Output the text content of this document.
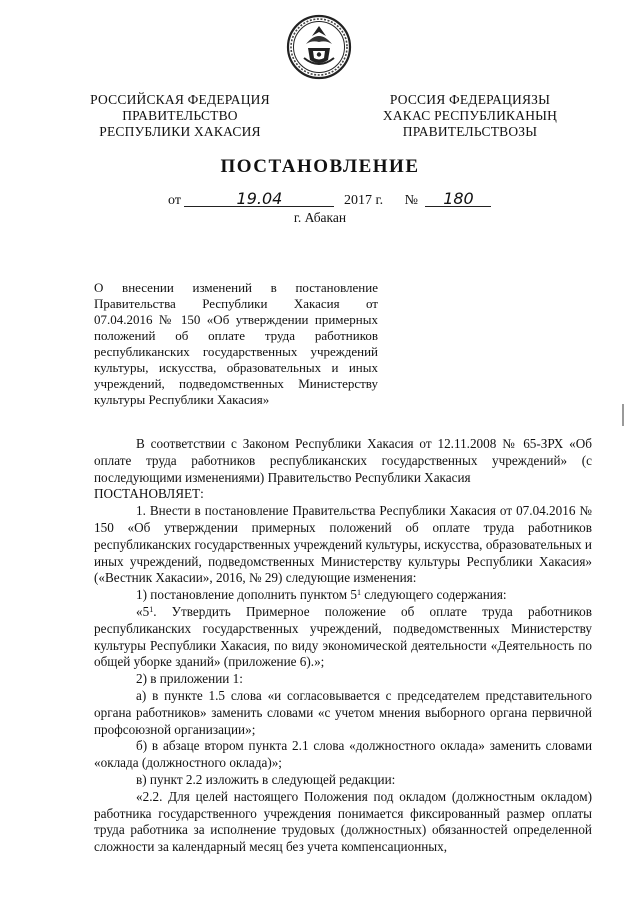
РОССИЙСКАЯ ФЕДЕРАЦИЯ
ПРАВИТЕЛЬСТВО
РЕСПУБЛИКИ ХАКАСИЯ
РОССИЯ ФЕДЕРАЦИЯЗЫ
ХАКАС РЕСПУБЛИКАНЫҢ
ПРАВИТЕЛЬСТВОЗЫ
ПОСТАНОВЛЕНИЕ
от	19.04	2017 г. № 180
г. Абакан
О внесении изменений в постановление
Правительства Республики Хакасия от
07.04.2016 № 150 «Об утверждении примерных
положений об оплате труда работников
республиканских государственных учреждений
культуры, искусства, образовательных и иных
учреждений, подведомственных Министерству
культуры Республики Хакасия»

В соответствии с Законом Республики Хакасия от 12.11.2008 № 65-ЗРХ «Об оплате труда работников республиканских государственных учреждений» (с последующими изменениями) Правительство Республики Хакасия

ПОСТАНОВЛЯЕТ:

1. Внести в постановление Правительства Республики Хакасия от 07.04.2016 № 150 «Об утверждении примерных положений об оплате труда работников республиканских государственных учреждений культуры, искусства, образовательных и иных учреждений, подведомственных Министерству культуры Республики Хакасия» («Вестник Хакасии», 2016, № 29) следующие изменения:

1) постановление дополнить пунктом $5^1$ следующего содержания:

«$5^1$. Утвердить Примерное положение об оплате труда работников республиканских государственных учреждений, подведомственных Министерству культуры Республики Хакасия, по виду экономической деятельности «Деятельность по общей уборке зданий» (приложение 6).»;

2) в приложении 1:

а) в пункте 1.5 слова «и согласовывается с председателем представительного органа работников» заменить словами «с учетом мнения выборного органа первичной профсоюзной организации»;

б) в абзаце втором пункта 2.1 слова «должностного оклада» заменить словами «оклада (должностного оклада)»;

в) пункт 2.2 изложить в следующей редакции:

«2.2. Для целей настоящего Положения под окладом (должностным окладом) работника государственного учреждения понимается фиксированный размер оплаты труда работника за исполнение трудовых (должностных) обязанностей определенной сложности за календарный месяц без учета компенсационных,
